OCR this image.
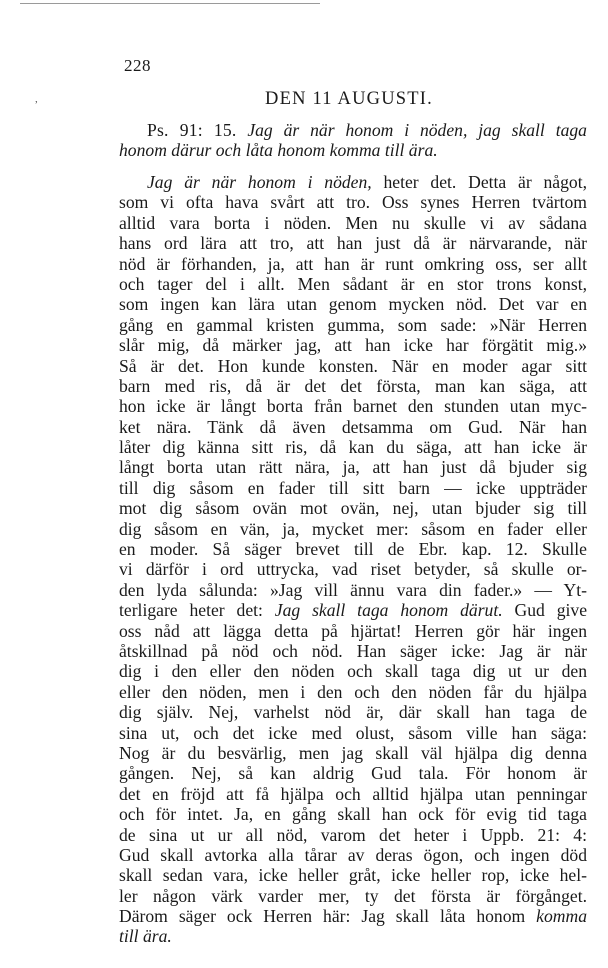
228
,	DEN 11 AUGUSTI.
Ps. 91: 15. Jag är när honom i nöden, jag skall taga
honom därur och låta honom komma till ära.
Jag är när honom i nöden, heter det. Detta är något,
som vi ofta hava svårt att tro. Oss synes Herren tvärtom
alltid vara borta i nöden. Men nu skulle vi av sådana
hans ord lära att tro, att han just då är närvarande, när
nöd är förhanden, ja, att han är runt omkring oss, ser allt
och tager del i allt. Men sådant är en stor trons konst,
som ingen kan lära utan genom mycken nöd. Det var en
gång en gammal kristen gumma, som sade: »När Herren
slår mig, då märker jag, att han icke har förgätit mig.»
Så är det. Hon kunde konsten. När en moder agar sitt
barn med ris, då är det det första, man kan säga, att
hon icke är långt borta från barnet den stunden utan myc-
ket nära. Tänk då även detsamma om Gud. När han
låter dig känna sitt ris, då kan du säga, att han icke är
långt borta utan rätt nära, ja, att han just då bjuder sig
till dig såsom en fader till sitt barn — icke uppträder
mot dig såsom ovän mot ovän, nej, utan bjuder sig till
dig såsom en vän, ja, mycket mer: såsom en fader eller
en moder. Så säger brevet till de Ebr. kap. 12. Skulle
vi därför i ord uttrycka, vad riset betyder, så skulle or-
den lyda sålunda: »Jag vill ännu vara din fader.» — Yt-
terligare heter det: Jag skall taga honom därut. Gud give
oss nåd att lägga detta på hjärtat! Herren gör här ingen
åtskillnad på nöd och nöd. Han säger icke: Jag är när
dig i den eller den nöden och skall taga dig ut ur den
eller den nöden, men i den och den nöden får du hjälpa
dig själv. Nej, varhelst nöd är, där skall han taga de
sina ut, och det icke med olust, såsom ville han säga:
Nog är du besvärlig, men jag skall väl hjälpa dig denna
gången. Nej, så kan aldrig Gud tala. För honom är
det en fröjd att få hjälpa och alltid hjälpa utan penningar
och för intet. Ja, en gång skall han ock för evig tid taga
de sina ut ur all nöd, varom det heter i Uppb. 21: 4:
Gud skall avtorka alla tårar av deras ögon, och ingen död
skall sedan vara, icke heller gråt, icke heller rop, icke hel-
ler någon värk varder mer, ty det första är förgånget.
Därom säger ock Herren här: Jag skall låta honom komma
till ära.
